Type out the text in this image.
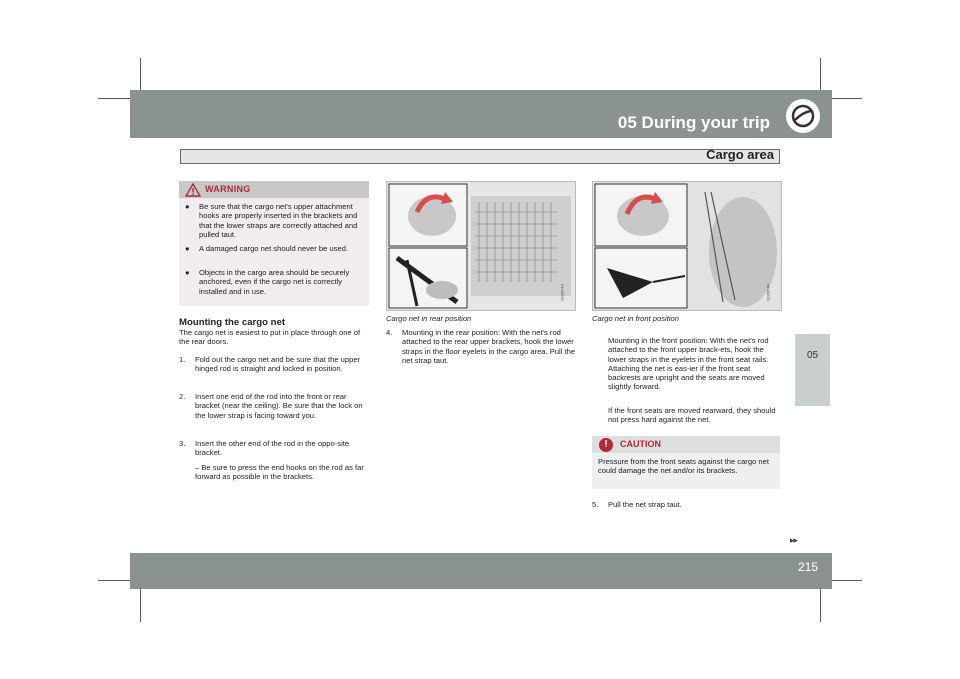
05 During your trip
Cargo area
05
WARNING
● Be sure that the cargo net's upper attachment hooks are properly inserted in the brackets and that the lower straps are correctly attached and pulled taut.
● A damaged cargo net should never be used.
● Objects in the cargo area should be securely anchored, even if the cargo net is correctly installed and in use.
Mounting the cargo net
The cargo net is easiest to put in place through one of the rear doors.
1. Fold out the cargo net and be sure that the upper hinged rod is straight and locked in position.
2. Insert one end of the rod into the front or rear bracket (near the ceiling). Be sure that the lock on the lower strap is facing toward you.
3. Insert the other end of the rod in the oppo-site bracket.
– Be sure to press the end hooks on the rod as far forward as possible in the brackets.
G020743
Cargo net in rear position
4. Mounting in the rear position: With the net's rod attached to the rear upper brackets, hook the lower straps in the floor eyelets in the cargo area. Pull the net strap taut.
G020744
Cargo net in front position
Mounting in the front position: With the net's rod attached to the front upper brack-ets, hook the lower straps in the eyelets in the front seat rails. Attaching the net is eas-ier if the front seat backrests are upright and the seats are moved slightly forward.
If the front seats are moved rearward, they should not press hard against the net.
!	CAUTION
Pressure from the front seats against the cargo net could damage the net and/or its brackets.
5. Pull the net strap taut.
▸▸
215
